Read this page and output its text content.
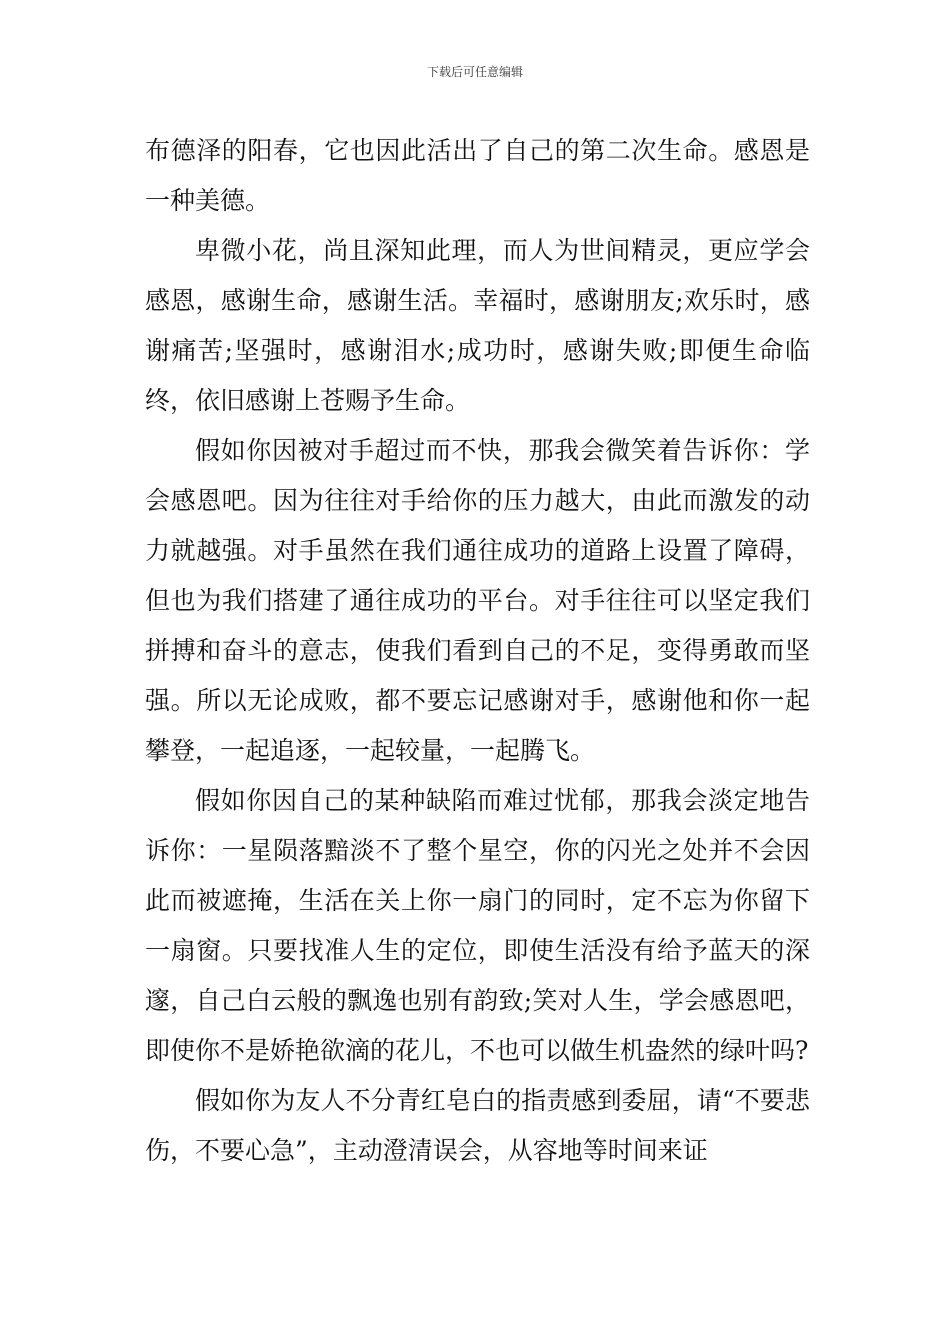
下载后可任意编辑

布德泽的阳春，它也因此活出了自己的第二次生命。感恩是一种美德。

卑微小花，尚且深知此理，而人为世间精灵，更应学会感恩，感谢生命，感谢生活。幸福时，感谢朋友;欢乐时，感谢痛苦;坚强时，感谢泪水;成功时，感谢失败;即便生命临终，依旧感谢上苍赐予生命。

假如你因被对手超过而不快，那我会微笑着告诉你：学会感恩吧。因为往往对手给你的压力越大，由此而激发的动力就越强。对手虽然在我们通往成功的道路上设置了障碍，但也为我们搭建了通往成功的平台。对手往往可以坚定我们拼搏和奋斗的意志，使我们看到自己的不足，变得勇敢而坚强。所以无论成败，都不要忘记感谢对手，感谢他和你一起攀登，一起追逐，一起较量，一起腾飞。

假如你因自己的某种缺陷而难过忧郁，那我会淡定地告诉你：一星陨落黯淡不了整个星空，你的闪光之处并不会因此而被遮掩，生活在关上你一扇门的同时，定不忘为你留下一扇窗。只要找准人生的定位，即使生活没有给予蓝天的深邃，自己白云般的飘逸也别有韵致;笑对人生，学会感恩吧，即使你不是娇艳欲滴的花儿，不也可以做生机盎然的绿叶吗?

假如你为友人不分青红皂白的指责感到委屈，请“不要悲伤，不要心急”，主动澄清误会，从容地等时间来证
